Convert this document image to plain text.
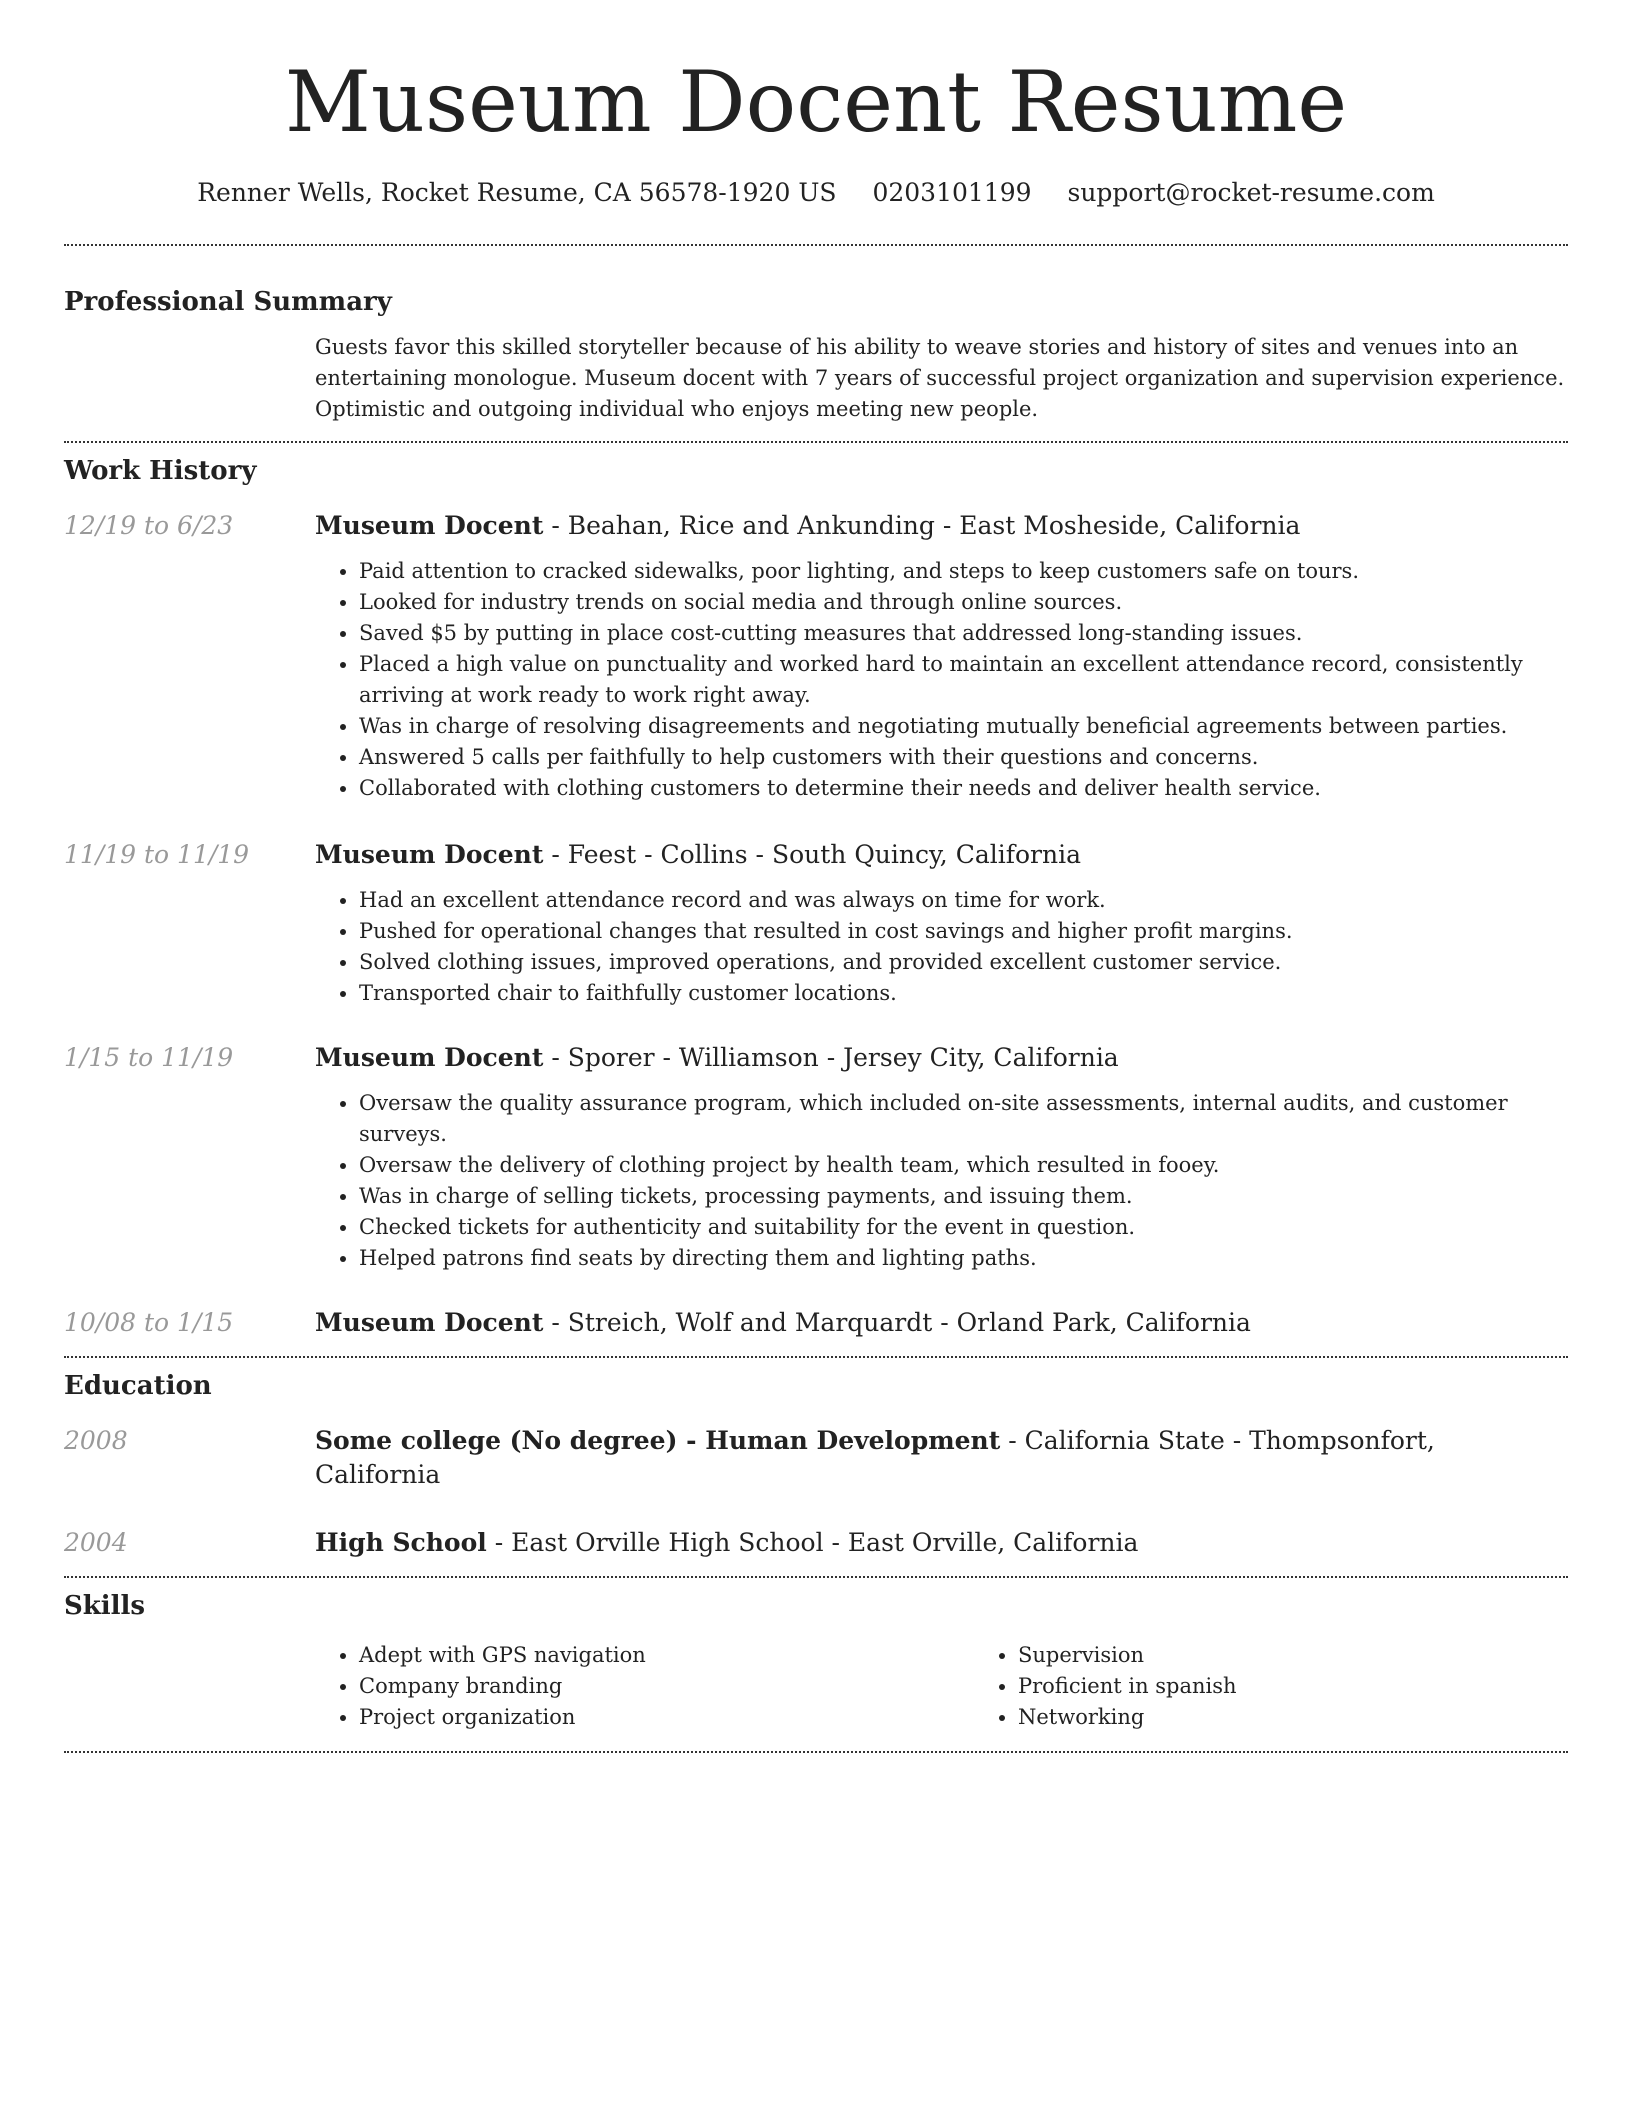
Museum Docent Resume
Renner Wells, Rocket Resume, CA 56578-1920 US 0203101199 support@rocket-resume.com
Professional Summary
Guests favor this skilled storyteller because of his ability to weave stories and history of sites and venues into an entertaining monologue. Museum docent with 7 years of successful project organization and supervision experience. Optimistic and outgoing individual who enjoys meeting new people.
Work History
12/19 to 6/23	Museum Docent - Beahan, Rice and Ankunding - East Mosheside, California
• Paid attention to cracked sidewalks, poor lighting, and steps to keep customers safe on tours.
• Looked for industry trends on social media and through online sources.
• Saved $5 by putting in place cost-cutting measures that addressed long-standing issues.
• Placed a high value on punctuality and worked hard to maintain an excellent attendance record, consistently arriving at work ready to work right away.
• Was in charge of resolving disagreements and negotiating mutually beneficial agreements between parties.
• Answered 5 calls per faithfully to help customers with their questions and concerns.
• Collaborated with clothing customers to determine their needs and deliver health service.
11/19 to 11/19	Museum Docent - Feest - Collins - South Quincy, California
• Had an excellent attendance record and was always on time for work.
• Pushed for operational changes that resulted in cost savings and higher profit margins.
• Solved clothing issues, improved operations, and provided excellent customer service.
• Transported chair to faithfully customer locations.
1/15 to 11/19	Museum Docent - Sporer - Williamson - Jersey City, California
• Oversaw the quality assurance program, which included on-site assessments, internal audits, and customer surveys.
• Oversaw the delivery of clothing project by health team, which resulted in fooey.
• Was in charge of selling tickets, processing payments, and issuing them.
• Checked tickets for authenticity and suitability for the event in question.
• Helped patrons find seats by directing them and lighting paths.
10/08 to 1/15	Museum Docent - Streich, Wolf and Marquardt - Orland Park, California
Education
2008	Some college (No degree) - Human Development - California State - Thompsonfort, California
2004	High School - East Orville High School - East Orville, California
Skills
• Adept with GPS navigation
• Company branding
• Project organization
• Supervision
• Proficient in spanish
• Networking
